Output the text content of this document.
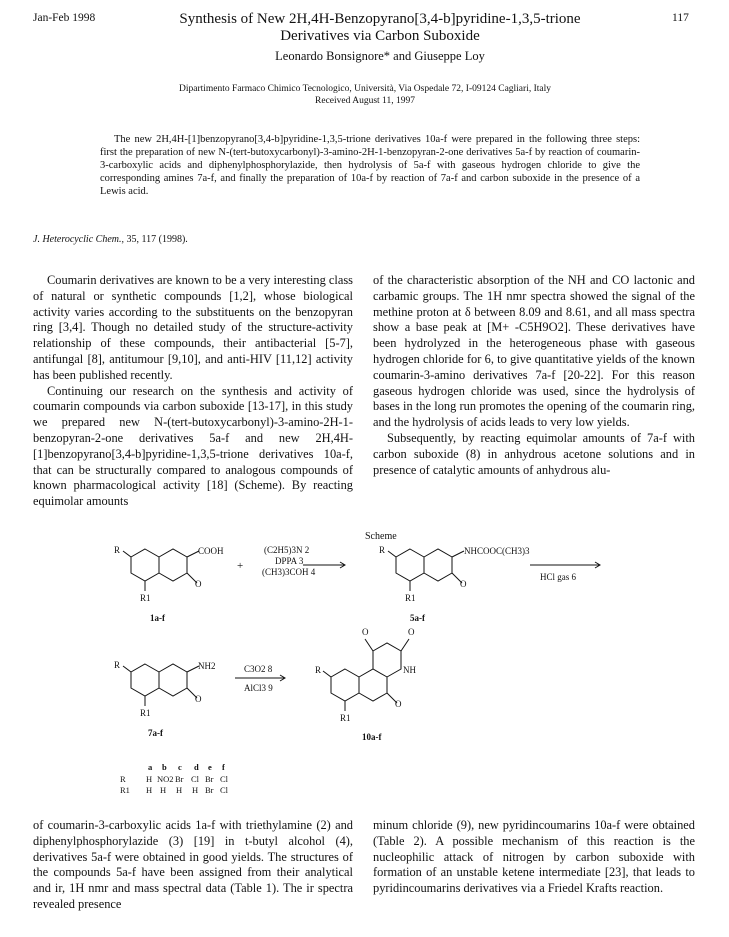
Jan-Feb 1998	117
Synthesis of New 2H,4H-Benzopyrano[3,4-b]pyridine-1,3,5-trione
Derivatives via Carbon Suboxide
Leonardo Bonsignore* and Giuseppe Loy
Dipartimento Farmaco Chimico Tecnologico, Università, Via Ospedale 72, I-09124 Cagliari, Italy
Received August 11, 1997
The new 2H,4H-[1]benzopyrano[3,4-b]pyridine-1,3,5-trione derivatives 10a-f were prepared in the following three steps: first the preparation of new N-(tert-butoxycarbonyl)-3-amino-2H-1-benzopyran-2-one derivatives 5a-f by reaction of coumarin-3-carboxylic acids and diphenylphosphorylazide, then hydrolysis of 5a-f with gaseous hydrogen chloride to give the corresponding amines 7a-f, and finally the preparation of 10a-f by reaction of 7a-f and carbon suboxide in the presence of a Lewis acid.
J. Heterocyclic Chem., 35, 117 (1998).

Coumarin derivatives are known to be a very interesting class of natural or synthetic compounds [1,2], whose biological activity varies according to the substituents on the benzopyran ring [3,4]. Though no detailed study of the structure-activity relationship of these compounds, their antibacterial [5-7], antifungal [8], antitumour [9,10], and anti-HIV [11,12] activity has been published recently.

Continuing our research on the synthesis and activity of coumarin compounds via carbon suboxide [13-17], in this study we prepared new N-(tert-butoxycarbonyl)-3-amino-2H-1-benzopyran-2-one derivatives 5a-f and new 2H,4H-[1]benzopyrano[3,4-b]pyridine-1,3,5-trione derivatives 10a-f, that can be structurally compared to analogous compounds of known pharmacological activity [18] (Scheme). By reacting equimolar amounts

of the characteristic absorption of the NH and CO lactonic and carbamic groups. The 1H nmr spectra showed the signal of the methine proton at δ between 8.09 and 8.61, and all mass spectra show a base peak at [M+ -C5H9O2]. These derivatives have been hydrolyzed in the heterogeneous phase with gaseous hydrogen chloride for 6, to give quantitative yields of the known coumarin-3-amino derivatives 7a-f [20-22]. For this reason gaseous hydrogen chloride was used, since the hydrolysis of bases in the long run promotes the opening of the coumarin ring, and the hydrolysis of acids leads to very low yields.

Subsequently, by reacting equimolar amounts of 7a-f with carbon suboxide (8) in anhydrous acetone solutions and in presence of catalytic amounts of anhydrous alu-

Scheme
R	COOH
O
R1
1a-f
+
(C2H5)3N 2
DPPA 3
(CH3)3COH 4
R	NHCOOC(CH3)3
O
R1
5a-f
HCl gas 6
R	NH2
O
R1
7a-f
C3O2 8
AlCl3 9
R
O	O
NH
O
R1
10a-f
a b c d e f
R H NO2 Br Cl Br Cl
R1 H H H H Br Cl

of coumarin-3-carboxylic acids 1a-f with triethylamine (2) and diphenylphosphorylazide (3) [19] in t-butyl alcohol (4), derivatives 5a-f were obtained in good yields. The structures of the compounds 5a-f have been assigned from their analytical and ir, 1H nmr and mass spectral data (Table 1). The ir spectra revealed presence

minum chloride (9), new pyridincoumarins 10a-f were obtained (Table 2). A possible mechanism of this reaction is the nucleophilic attack of nitrogen by carbon suboxide with formation of an unstable ketene intermediate [23], that leads to pyridincoumarins derivatives via a Friedel Krafts reaction.
